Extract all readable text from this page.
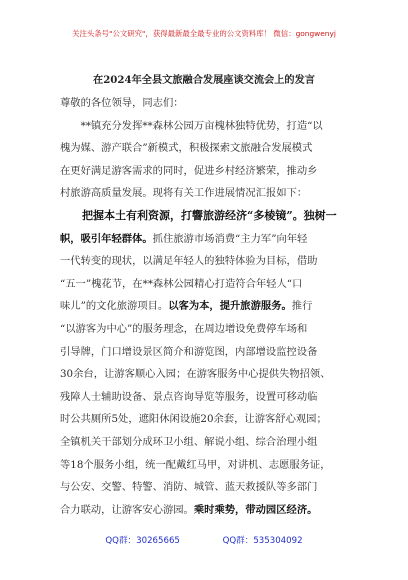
关注头条号"公文研究"，获得最新最全最专业的公文资料库！ 微信：gongwenyj
在2024年全县文旅融合发展座谈交流会上的发言
尊敬的各位领导，同志们：
　　**镇充分发挥**森林公园万亩槐林独特优势，打造“以
槐为媒、游产联合”新模式，积极探索文旅融合发展模式
在更好满足游客需求的同时，促进乡村经济繁荣，推动乡
村旅游高质量发展。现将有关工作进展情况汇报如下：
　　把握本土有利资源，打響旅游经济“多棱镜”。独树一
帜，吸引年轻群体。抓住旅游市场消费“主力军”向年轻
一代转变的现状，以满足年轻人的独特体验为目标，借助
“五一”槐花节，在**森林公园精心打造符合年轻人“口
味儿”的文化旅游项目。以客为本，提升旅游服务。推行
“以游客为中心”的服务理念，在周边增设免费停车场和
引导牌，门口增设景区简介和游览图，内部增设监控设备
30余台，让游客顺心入园；在游客服务中心提供失物招领、
残障人士辅助设备、景点咨询导览等服务，设置可移动临
时公共厕所5处，遮阳休闲设施20余套，让游客舒心观园；
全镇机关干部划分成环卫小组、解说小组、综合治理小组
等18个服务小组，统一配戴红马甲，对讲机、志愿服务证，
与公安、交警、特警、消防、城管、蓝天救援队等多部门
合力联动，让游客安心游园。乘时乘势，带动园区经济。
QQ群：30265665	QQ群：535304092
